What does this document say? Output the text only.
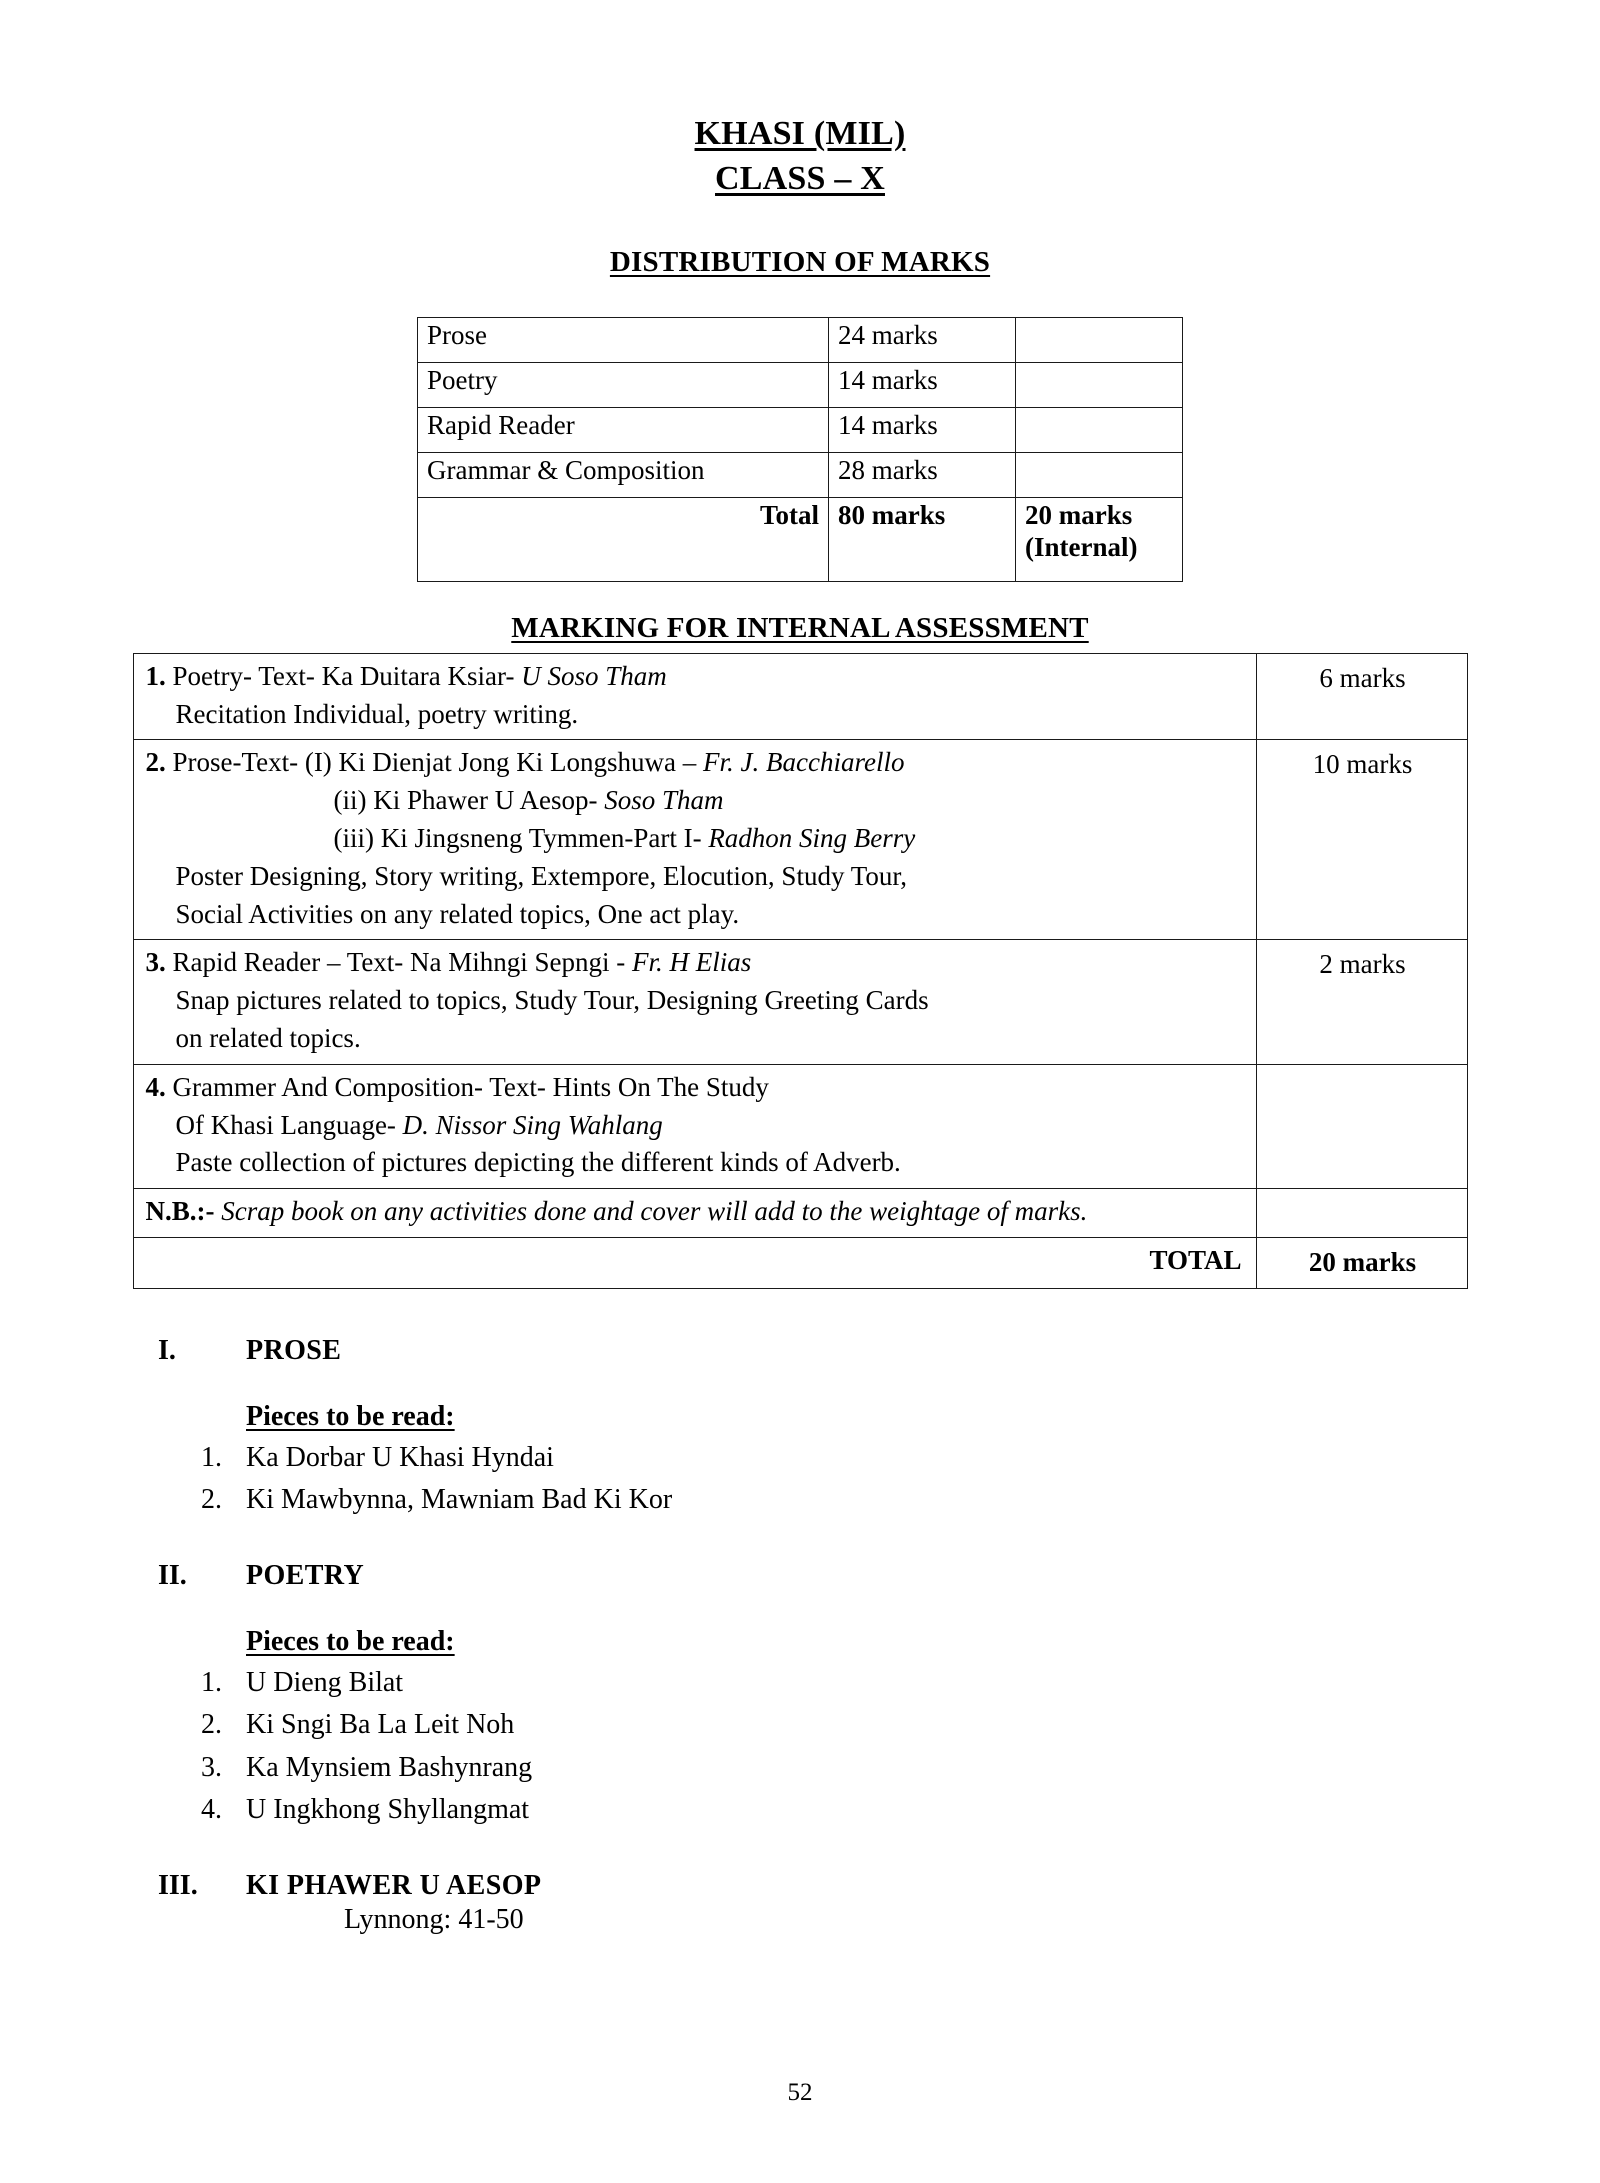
KHASI (MIL)
CLASS – X
DISTRIBUTION OF MARKS
Prose	24 marks	
Poetry	14 marks	
Rapid Reader	14 marks	
Grammar & Composition	28 marks	
Total	80 marks	20 marks
(Internal)
MARKING FOR INTERNAL ASSESSMENT
1. Poetry- Text- Ka Duitara Ksiar- U Soso Tham
Recitation Individual, poetry writing.	6 marks

2. Prose-Text- (I) Ki Dienjat Jong Ki Longshuwa – Fr. J. Bacchiarello
(ii) Ki Phawer U Aesop- Soso Tham
(iii) Ki Jingsneng Tymmen-Part I- Radhon Sing Berry
Poster Designing, Story writing, Extempore, Elocution, Study Tour,
Social Activities on any related topics, One act play.	10 marks

3. Rapid Reader – Text- Na Mihngi Sepngi - Fr. H Elias
Snap pictures related to topics, Study Tour, Designing Greeting Cards
on related topics.	2 marks

4. Grammer And Composition- Text- Hints On The Study
Of Khasi Language- D. Nissor Sing Wahlang
Paste collection of pictures depicting the different kinds of Adverb.	

N.B.:- Scrap book on any activities done and cover will add to the weightage of marks.	
TOTAL	20 marks
I.	PROSE
Pieces to be read:
1. Ka Dorbar U Khasi Hyndai
2. Ki Mawbynna, Mawniam Bad Ki Kor
II.	POETRY
Pieces to be read:
1. U Dieng Bilat
2. Ki Sngi Ba La Leit Noh
3. Ka Mynsiem Bashynrang
4. U Ingkhong Shyllangmat
III.	KI PHAWER U AESOP
Lynnong: 41-50
52
